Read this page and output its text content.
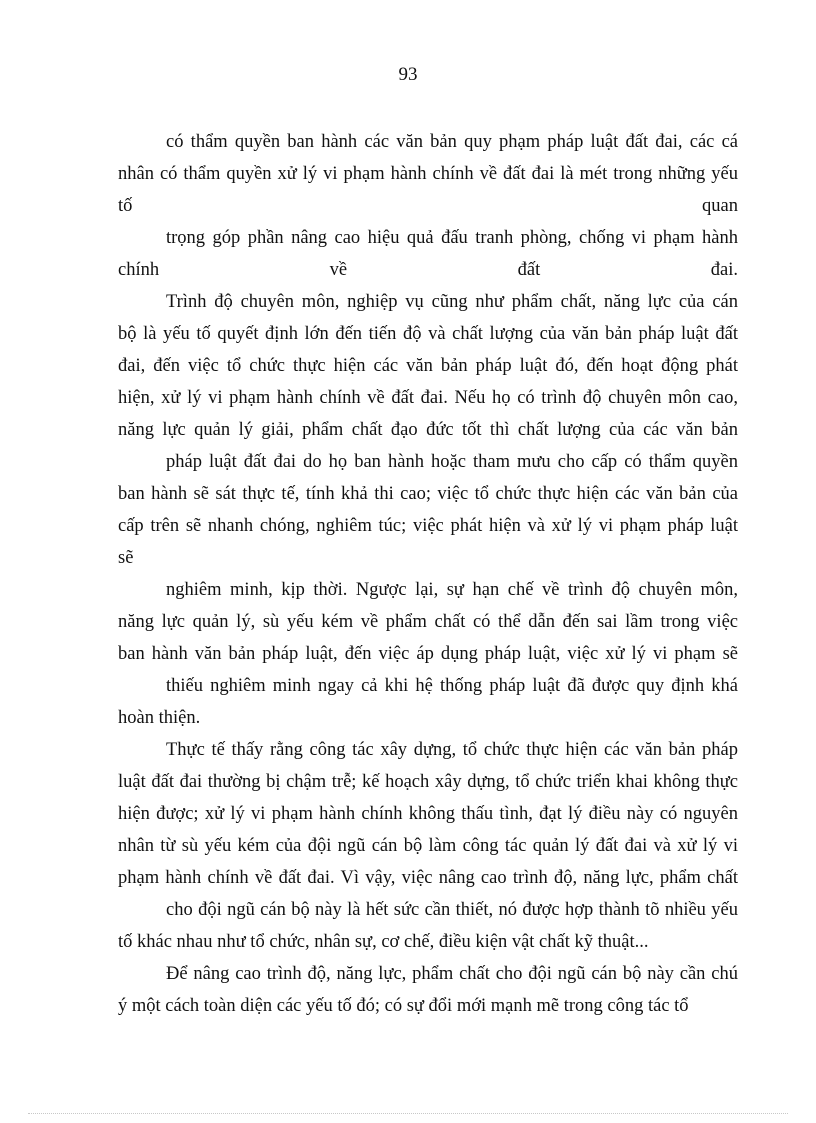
93
có thẩm quyền ban hành các văn bản quy phạm pháp luật đất đai, các cá
nhân có thẩm quyền xử lý vi phạm hành chính về đất đai là mét trong những yếu
tố quan
trọng góp phần nâng cao hiệu quả đấu tranh phòng, chống vi phạm hành
chính về đất đai.
Trình độ chuyên môn, nghiệp vụ cũng như phẩm chất, năng lực của cán
bộ là yếu tố quyết định lớn đến tiến độ và chất lượng của văn bản pháp luật đất
đai, đến việc tổ chức thực hiện các văn bản pháp luật đó, đến hoạt động phát
hiện, xử lý vi phạm hành chính về đất đai. Nếu họ có trình độ chuyên môn cao,
năng lực quản lý giải, phẩm chất đạo đức tốt thì chất lượng của các văn bản
pháp luật đất đai do họ ban hành hoặc tham mưu cho cấp có thẩm quyền
ban hành sẽ sát thực tế, tính khả thi cao; việc tổ chức thực hiện các văn bản của
cấp trên sẽ nhanh chóng, nghiêm túc; việc phát hiện và xử lý vi phạm pháp luật
sẽ
nghiêm minh, kịp thời. Ngược lại, sự hạn chế về trình độ chuyên môn,
năng lực quản lý, sù yếu kém về phẩm chất có thể dẫn đến sai lầm trong việc
ban hành văn bản pháp luật, đến việc áp dụng pháp luật, việc xử lý vi phạm sẽ
thiếu nghiêm minh ngay cả khi hệ thống pháp luật đã được quy định khá
hoàn thiện.
Thực tế thấy rằng công tác xây dựng, tổ chức thực hiện các văn bản pháp
luật đất đai thường bị chậm trễ; kế hoạch xây dựng, tổ chức triển khai không thực
hiện được; xử lý vi phạm hành chính không thấu tình, đạt lý điều này có nguyên
nhân từ sù yếu kém của đội ngũ cán bộ làm công tác quản lý đất đai và xử lý vi
phạm hành chính về đất đai. Vì vậy, việc nâng cao trình độ, năng lực, phẩm chất
cho đội ngũ cán bộ này là hết sức cần thiết, nó được hợp thành tõ nhiều yếu
tố khác nhau như tổ chức, nhân sự, cơ chế, điều kiện vật chất kỹ thuật...
Để nâng cao trình độ, năng lực, phẩm chất cho đội ngũ cán bộ này cần chú
ý một cách toàn diện các yếu tố đó; có sự đổi mới mạnh mẽ trong công tác tổ
